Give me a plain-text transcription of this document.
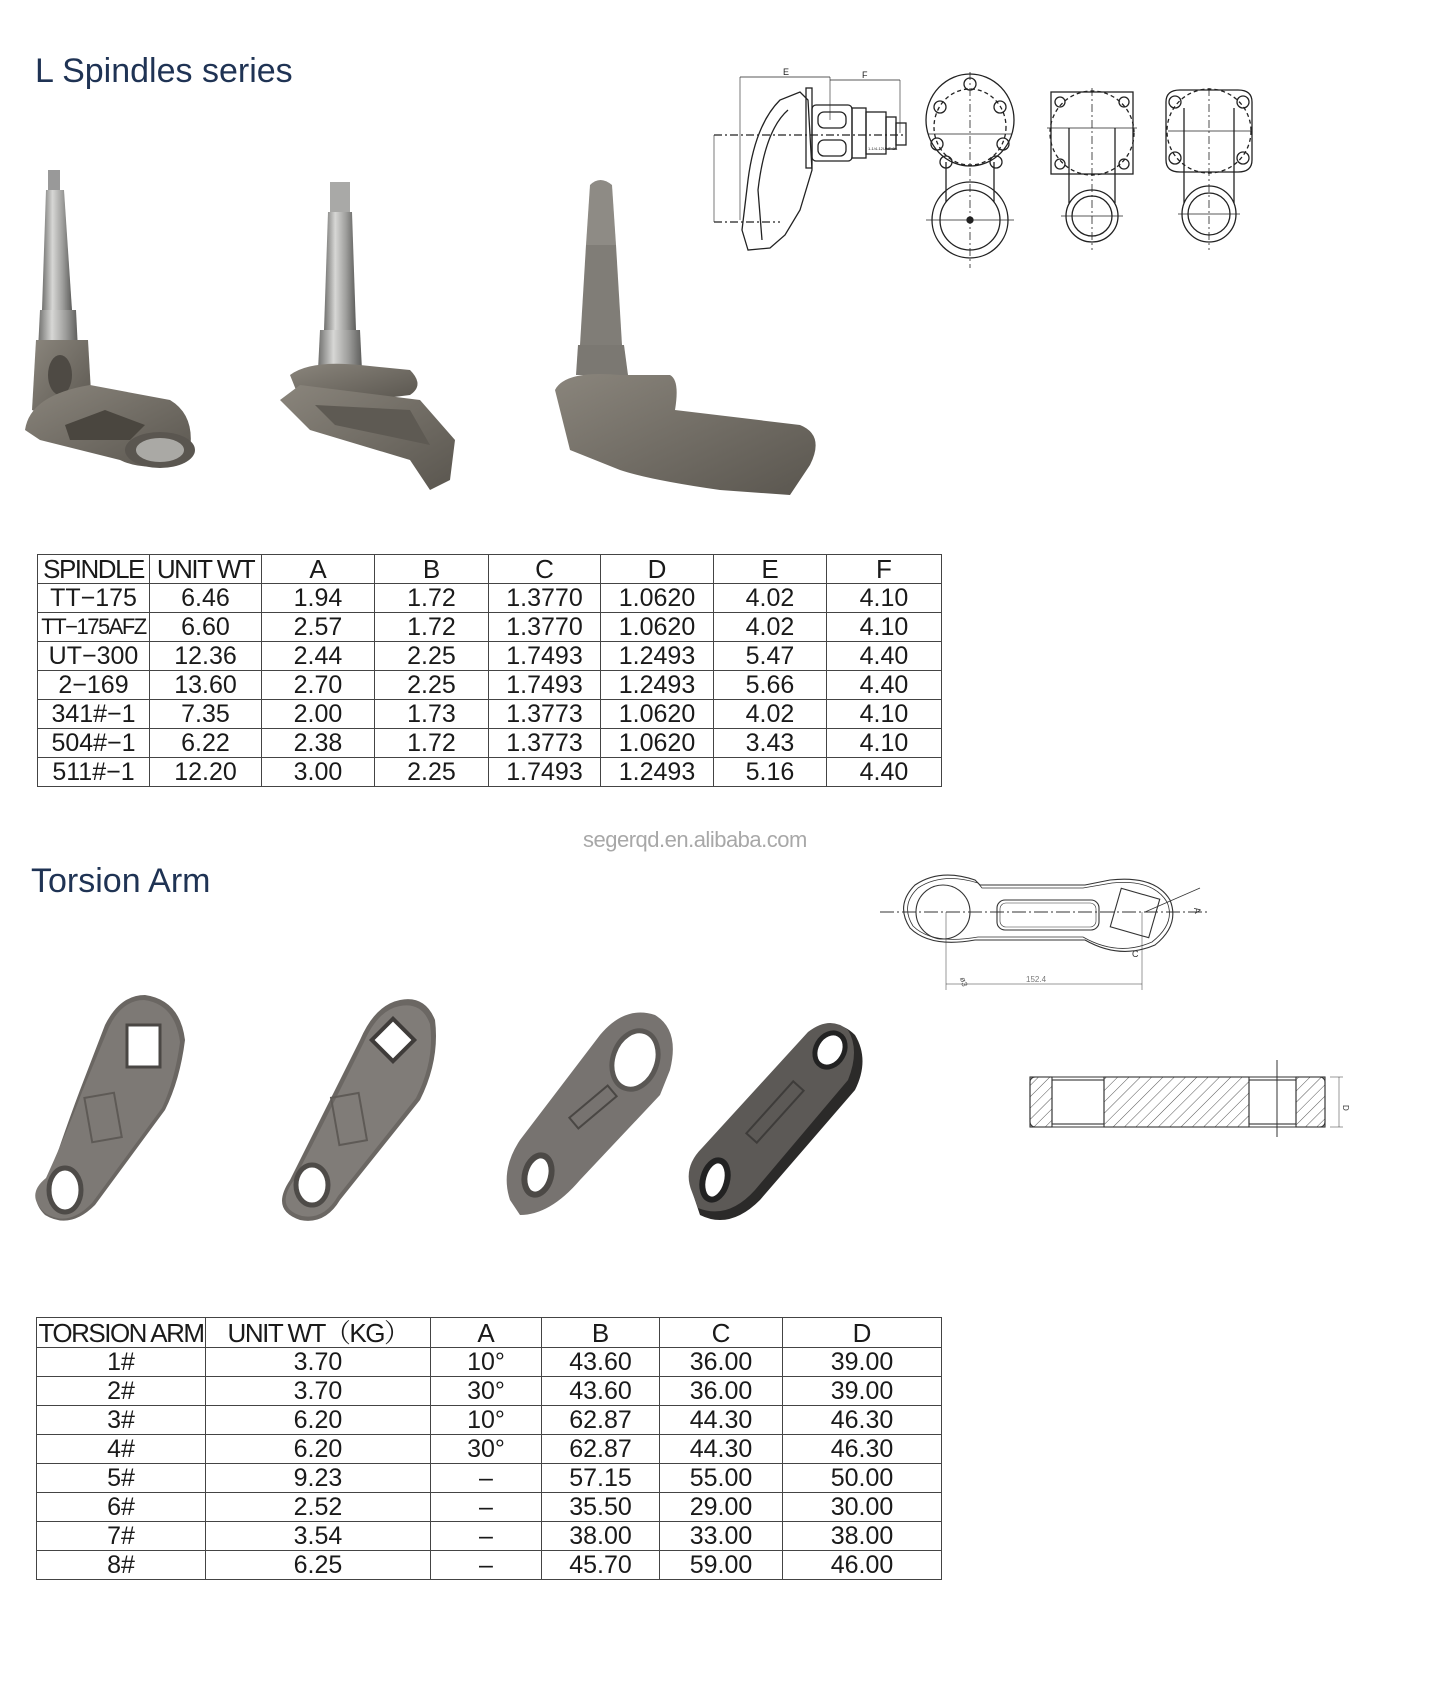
L Spindles series	E	F
1-1/4-12UNF-2A
SPINDLE	UNIT WT	A	B	C	D	E	F
TT−175	6.46	1.94	1.72	1.3770	1.0620	4.02	4.10
TT−175AFZ	6.60	2.57	1.72	1.3770	1.0620	4.02	4.10
UT−300	12.36	2.44	2.25	1.7493	1.2493	5.47	4.40
2−169	13.60	2.70	2.25	1.7493	1.2493	5.66	4.40
341#−1	7.35	2.00	1.73	1.3773	1.0620	4.02	4.10
504#−1	6.22	2.38	1.72	1.3773	1.0620	3.43	4.10
511#−1	12.20	3.00	2.25	1.7493	1.2493	5.16	4.40
segerqd.en.alibaba.com
Torsion Arm
152.4
ø3
C
A
D
TORSION ARM	UNIT WT（KG）	A	B	C	D
1#	3.70	10°	43.60	36.00	39.00
2#	3.70	30°	43.60	36.00	39.00
3#	6.20	10°	62.87	44.30	46.30
4#	6.20	30°	62.87	44.30	46.30
5#	9.23	–	57.15	55.00	50.00
6#	2.52	–	35.50	29.00	30.00
7#	3.54	–	38.00	33.00	38.00
8#	6.25	–	45.70	59.00	46.00
